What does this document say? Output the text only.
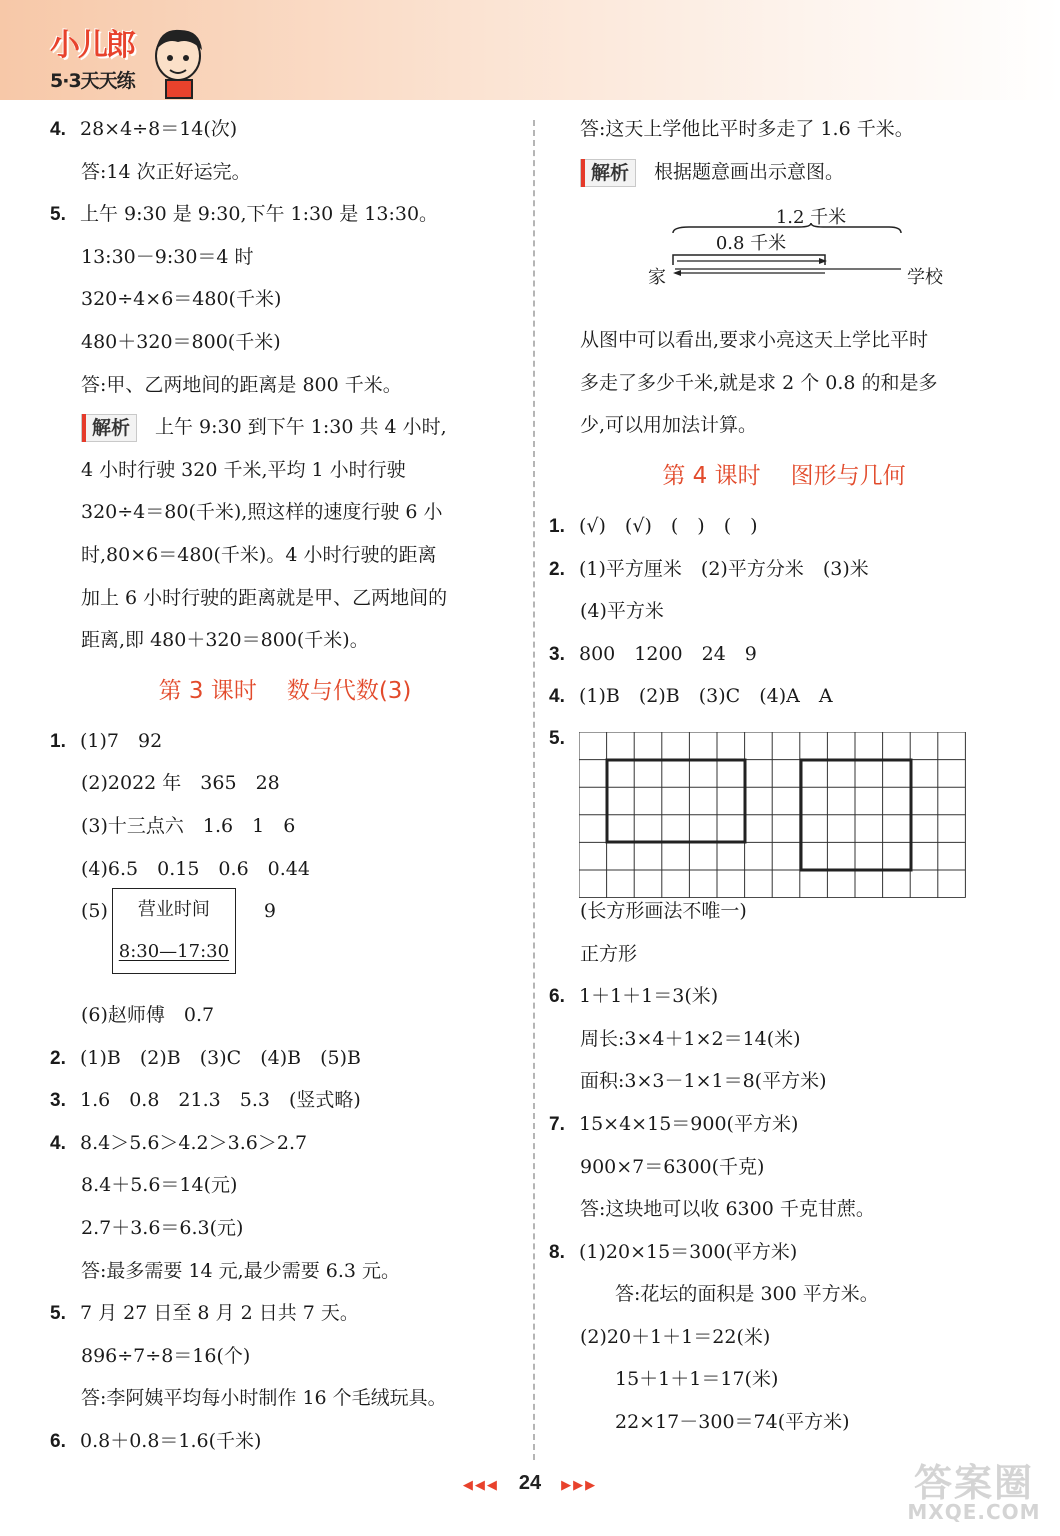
小儿郎
5·3天天练
4. 28×4÷8＝14(次)
答:14 次正好运完。
5. 上午 9:30 是 9:30,下午 1:30 是 13:30。
13:30－9:30＝4 时
320÷4×6＝480(千米)
480＋320＝800(千米)
答:甲、乙两地间的距离是 800 千米。
解析 上午 9:30 到下午 1:30 共 4 小时,
4 小时行驶 320 千米,平均 1 小时行驶
320÷4＝80(千米),照这样的速度行驶 6 小
时,80×6＝480(千米)。4 小时行驶的距离
加上 6 小时行驶的距离就是甲、乙两地间的
距离,即 480＋320＝800(千米)。
第 3 课时 数与代数(3)
1. (1)7　92
(2)2022 年　365　28
(3)十三点六　1.6　1　6
(4)6.5　0.15　0.6　0.44
(5)	营业时间
8:30—17:30
9
(6)赵师傅　0.7
2. (1)B　(2)B　(3)C　(4)B　(5)B
3. 1.6　0.8　21.3　5.3　(竖式略)
4. 8.4＞5.6＞4.2＞3.6＞2.7
8.4＋5.6＝14(元)
2.7＋3.6＝6.3(元)
答:最多需要 14 元,最少需要 6.3 元。
5. 7 月 27 日至 8 月 2 日共 7 天。
896÷7÷8＝16(个)
答:李阿姨平均每小时制作 16 个毛绒玩具。
6. 0.8＋0.8＝1.6(千米)
答:这天上学他比平时多走了 1.6 千米。
解析 根据题意画出示意图。
1.2 千米
0.8 千米
家	学校
从图中可以看出,要求小亮这天上学比平时
多走了多少千米,就是求 2 个 0.8 的和是多
少,可以用加法计算。
第 4 课时 图形与几何
1. (√)　(√)　(　)　(　)
2. (1)平方厘米　(2)平方分米　(3)米
(4)平方米
3. 800　1200　24　9
4. (1)B　(2)B　(3)C　(4)A　A
5.
(长方形画法不唯一)
正方形
6. 1＋1＋1＝3(米)
周长:3×4＋1×2＝14(米)
面积:3×3－1×1＝8(平方米)
7. 15×4×15＝900(平方米)
900×7＝6300(千克)
答:这块地可以收 6300 千克甘蔗。
8. (1)20×15＝300(平方米)
答:花坛的面积是 300 平方米。
(2)20＋1＋1＝22(米)
15＋1＋1＝17(米)
22×17－300＝74(平方米)
◀◀◀ 24 ▶▶▶	答案圈
MXQE.COM
